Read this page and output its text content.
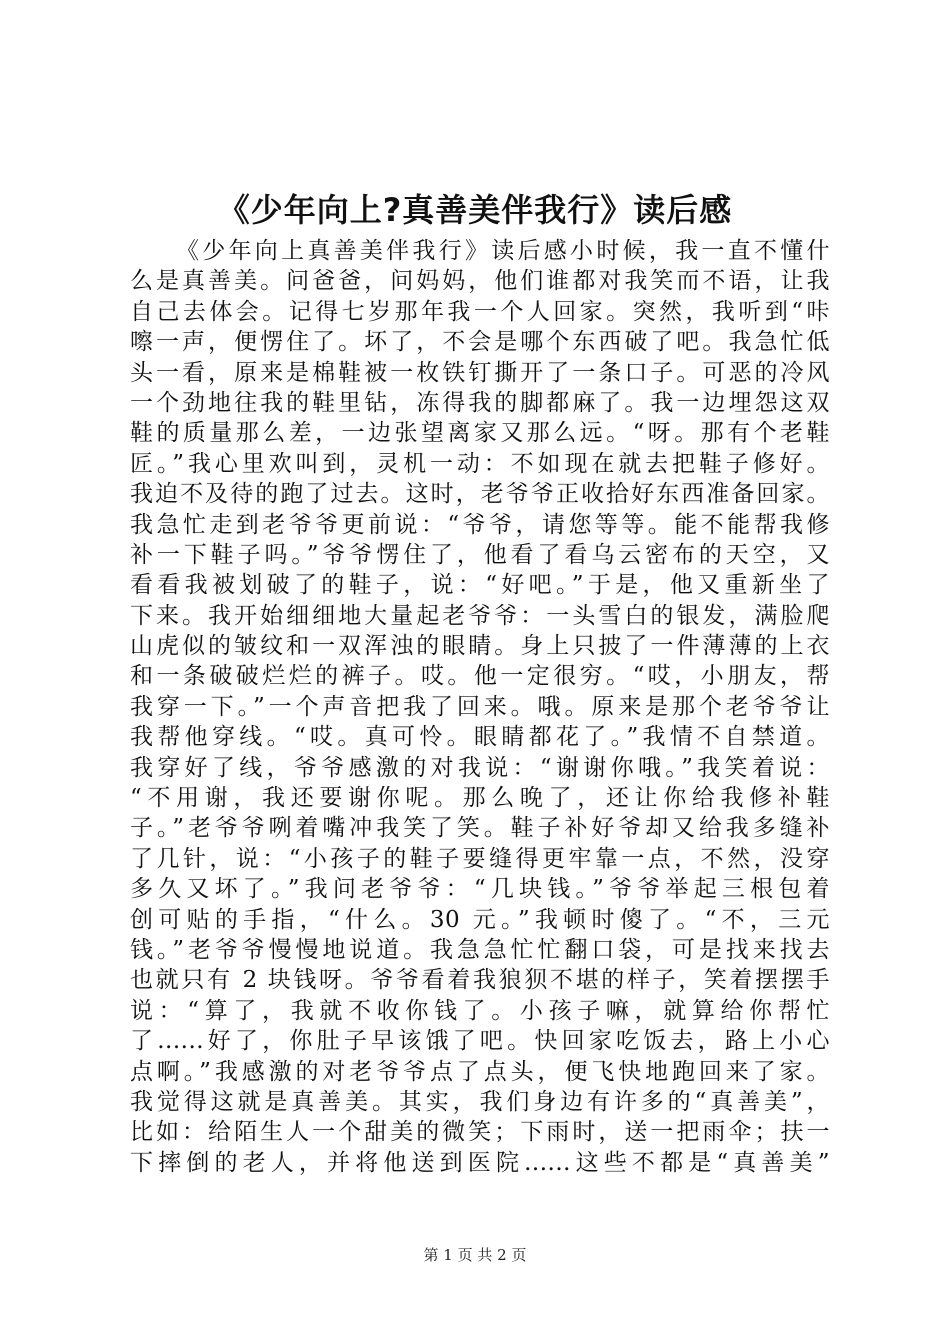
《少年向上?真善美伴我行》读后感
《少年向上真善美伴我行》读后感小时候，我一直不懂什
么是真善美。问爸爸，问妈妈，他们谁都对我笑而不语，让我
自己去体会。记得七岁那年我一个人回家。突然，我听到“咔
嚓一声，便愣住了。坏了，不会是哪个东西破了吧。我急忙低
头一看，原来是棉鞋被一枚铁钉撕开了一条口子。可恶的冷风
一个劲地往我的鞋里钻，冻得我的脚都麻了。我一边埋怨这双
鞋的质量那么差，一边张望离家又那么远。“呀。那有个老鞋
匠。”我心里欢叫到，灵机一动：不如现在就去把鞋子修好。
我迫不及待的跑了过去。这时，老爷爷正收拾好东西准备回家。
我急忙走到老爷爷更前说：“爷爷，请您等等。能不能帮我修
补一下鞋子吗。”爷爷愣住了，他看了看乌云密布的天空，又
看看我被划破了的鞋子，说：“好吧。”于是，他又重新坐了
下来。我开始细细地大量起老爷爷：一头雪白的银发，满脸爬
山虎似的皱纹和一双浑浊的眼睛。身上只披了一件薄薄的上衣
和一条破破烂烂的裤子。哎。他一定很穷。“哎，小朋友，帮
我穿一下。”一个声音把我了回来。哦。原来是那个老爷爷让
我帮他穿线。“哎。真可怜。眼睛都花了。”我情不自禁道。
我穿好了线，爷爷感激的对我说：“谢谢你哦。”我笑着说：
“不用谢，我还要谢你呢。那么晚了，还让你给我修补鞋
子。”老爷爷咧着嘴冲我笑了笑。鞋子补好爷却又给我多缝补
了几针，说：“小孩子的鞋子要缝得更牢靠一点，不然，没穿
多久又坏了。”我问老爷爷：“几块钱。”爷爷举起三根包着
创可贴的手指，“什么。30 元。”我顿时傻了。“不，三元
钱。”老爷爷慢慢地说道。我急急忙忙翻口袋，可是找来找去
也就只有 2 块钱呀。爷爷看着我狼狈不堪的样子，笑着摆摆手
说：“算了，我就不收你钱了。小孩子嘛，就算给你帮忙
了......好了，你肚子早该饿了吧。快回家吃饭去，路上小心
点啊。”我感激的对老爷爷点了点头，便飞快地跑回来了家。
我觉得这就是真善美。其实，我们身边有许多的“真善美”，
比如：给陌生人一个甜美的微笑；下雨时，送一把雨伞；扶一
下摔倒的老人，并将他送到医院......这些不都是“真善美”
第 1 页 共 2 页
